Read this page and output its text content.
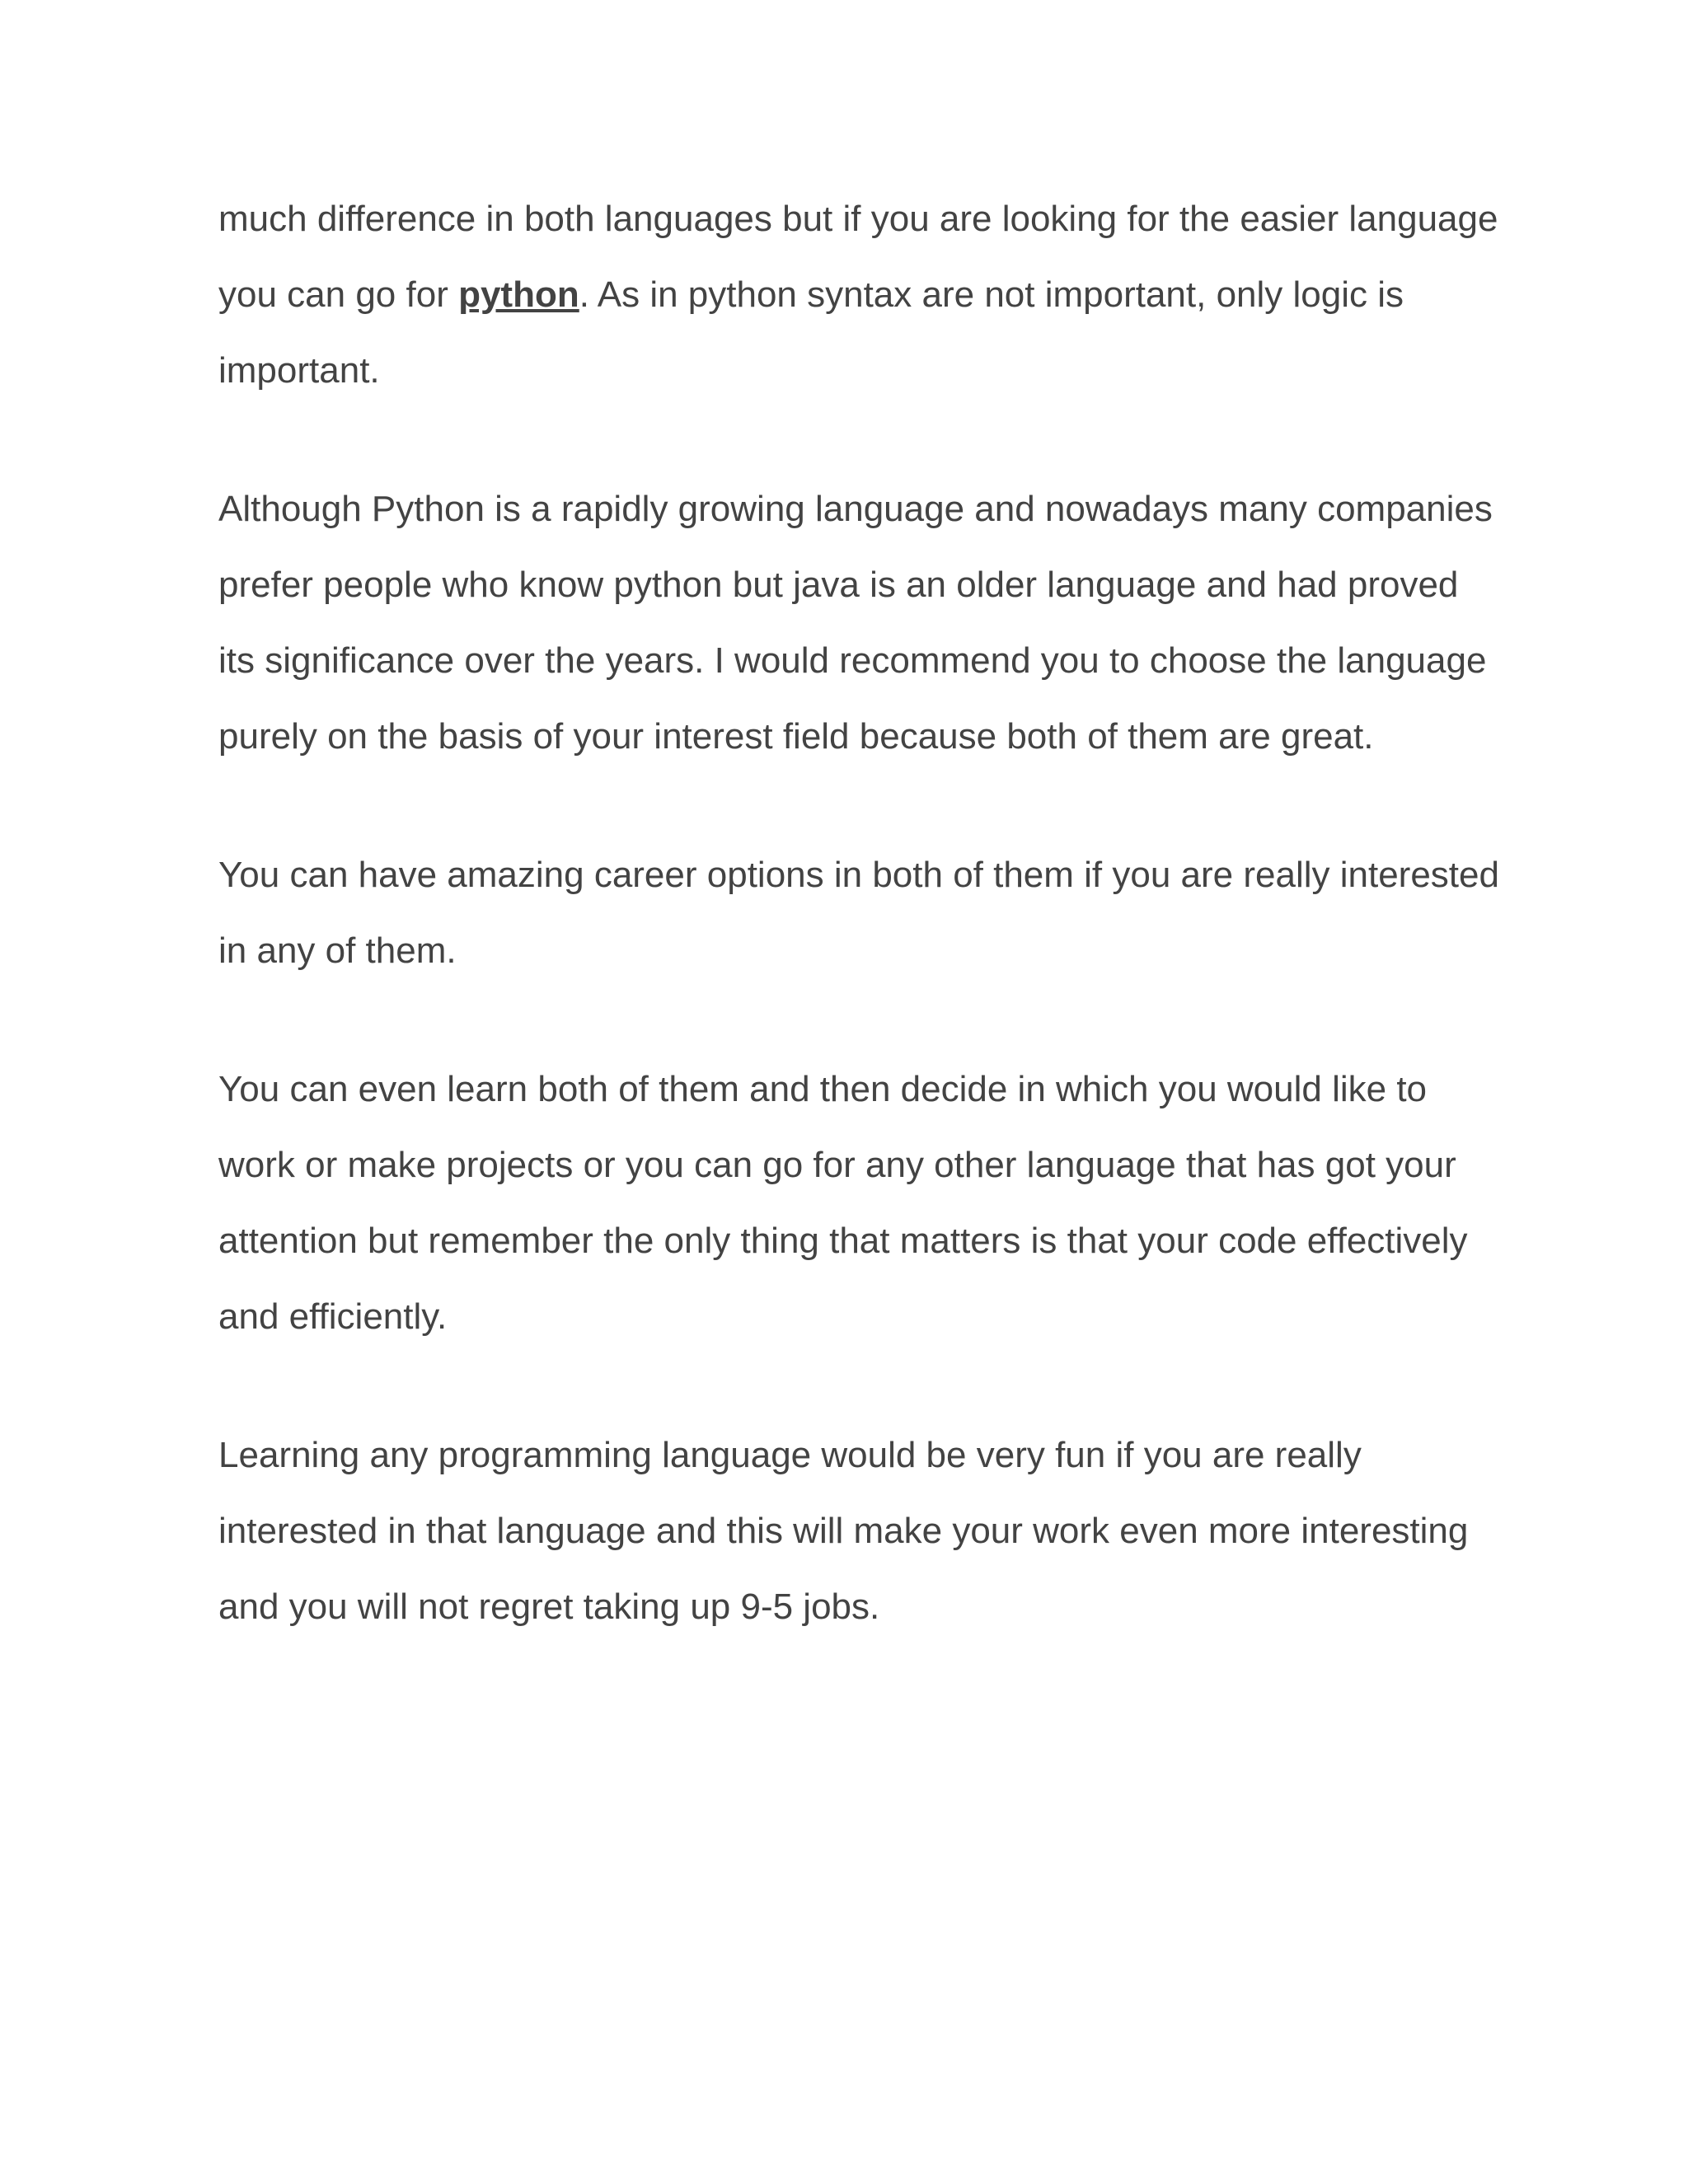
much difference in both languages but if you are looking for the easier language you can go for python. As in python syntax are not important, only logic is important.

Although Python is a rapidly growing language and nowadays many companies prefer people who know python but java is an older language and had proved its significance over the years. I would recommend you to choose the language purely on the basis of your interest field because both of them are great.

You can have amazing career options in both of them if you are really interested in any of them.

You can even learn both of them and then decide in which you would like to work or make projects or you can go for any other language that has got your attention but remember the only thing that matters is that your code effectively and efficiently.

Learning any programming language would be very fun if you are really interested in that language and this will make your work even more interesting and you will not regret taking up 9-5 jobs.
